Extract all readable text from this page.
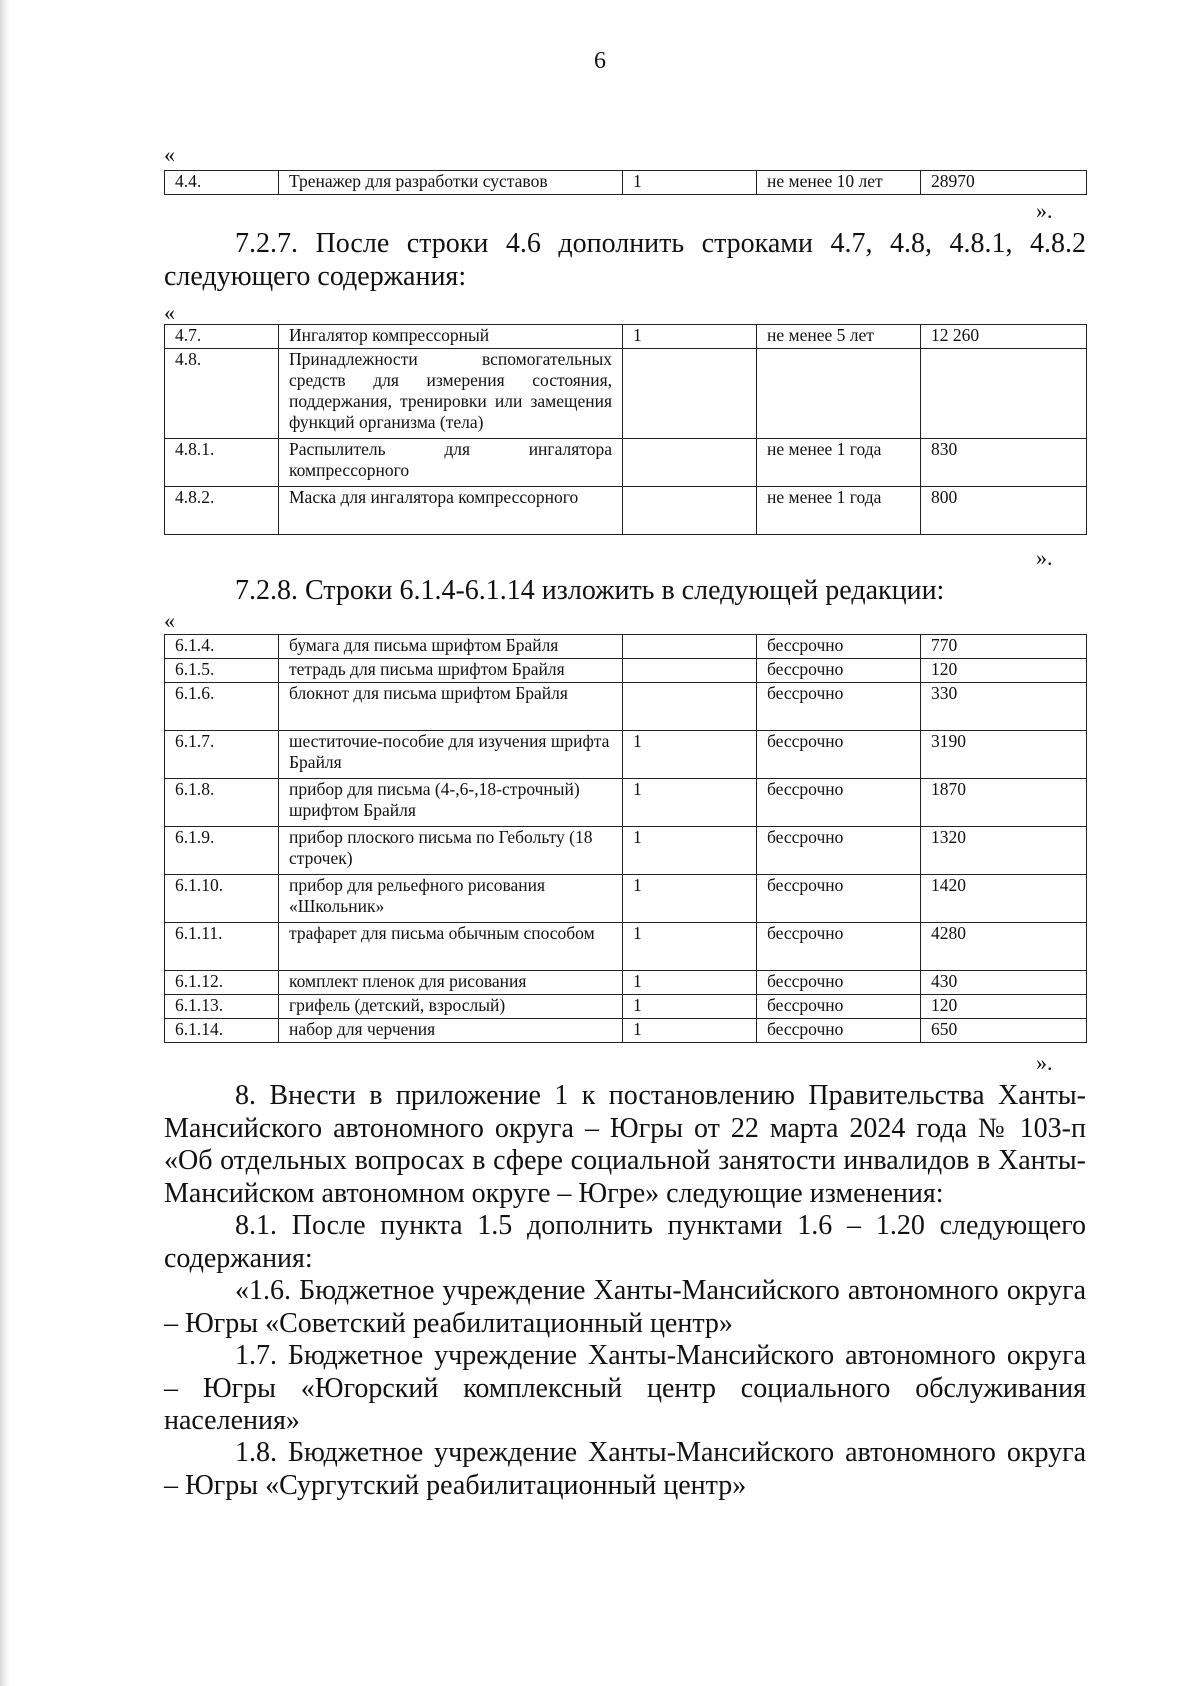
6
«
4.4.	Тренажер для разработки суставов	1	не менее 10 лет	28970
».

7.2.7. После строки 4.6 дополнить строками 4.7, 4.8, 4.8.1, 4.8.2 следующего содержания:

«
4.7.	Ингалятор компрессорный	1	не менее 5 лет	12 260
4.8.	Принадлежности вспомогательных средств для измерения состояния, поддержания, тренировки или замещения функций организма (тела)			
4.8.1.	Распылитель для ингалятора компрессорного		не менее 1 года	830
4.8.2.	Маска для ингалятора компрессорного		не менее 1 года	800
».

7.2.8. Строки 6.1.4-6.1.14 изложить в следующей редакции:

«
6.1.4.	бумага для письма шрифтом Брайля		бессрочно	770
6.1.5.	тетрадь для письма шрифтом Брайля		бессрочно	120
6.1.6.	блокнот для письма шрифтом Брайля		бессрочно	330
6.1.7.	шеститочие-пособие для изучения шрифта Брайля	1	бессрочно	3190
6.1.8.	прибор для письма (4-,6-,18-строчный) шрифтом Брайля	1	бессрочно	1870
6.1.9.	прибор плоского письма по Гебольту (18 строчек)	1	бессрочно	1320
6.1.10.	прибор для рельефного рисования «Школьник»	1	бессрочно	1420
6.1.11.	трафарет для письма обычным способом	1	бессрочно	4280
6.1.12.	комплект пленок для рисования	1	бессрочно	430
6.1.13.	грифель (детский, взрослый)	1	бессрочно	120
6.1.14.	набор для черчения	1	бессрочно	650
».

8. Внести в приложение 1 к постановлению Правительства Ханты-Мансийского автономного округа – Югры от 22 марта 2024 года № 103-п «Об отдельных вопросах в сфере социальной занятости инвалидов в Ханты-Мансийском автономном округе – Югре» следующие изменения:

8.1. После пункта 1.5 дополнить пунктами 1.6 – 1.20 следующего содержания:

«1.6. Бюджетное учреждение Ханты-Мансийского автономного округа – Югры «Советский реабилитационный центр»

1.7. Бюджетное учреждение Ханты-Мансийского автономного округа – Югры «Югорский комплексный центр социального обслуживания населения»

1.8. Бюджетное учреждение Ханты-Мансийского автономного округа – Югры «Сургутский реабилитационный центр»
